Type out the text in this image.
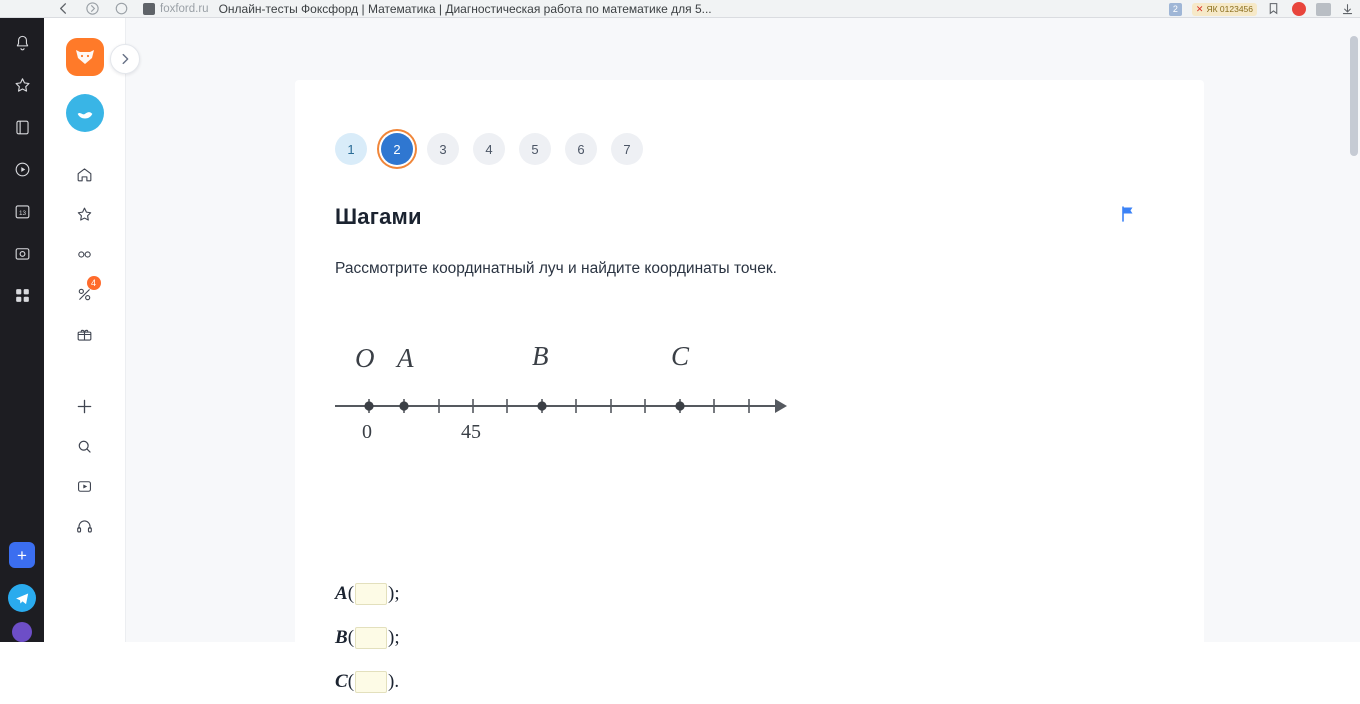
foxford.ru Онлайн-тесты Фоксфорд | Математика | Диагностическая работа по математике для 5...	2	✕ ЯК 0123456
13
+
4
1	2	3	4	5	6	7
Шагами
Рассмотрите координатный луч и найдите координаты точек.
O A	B	C
0	45
A ( );
B ( );
C ( ).
